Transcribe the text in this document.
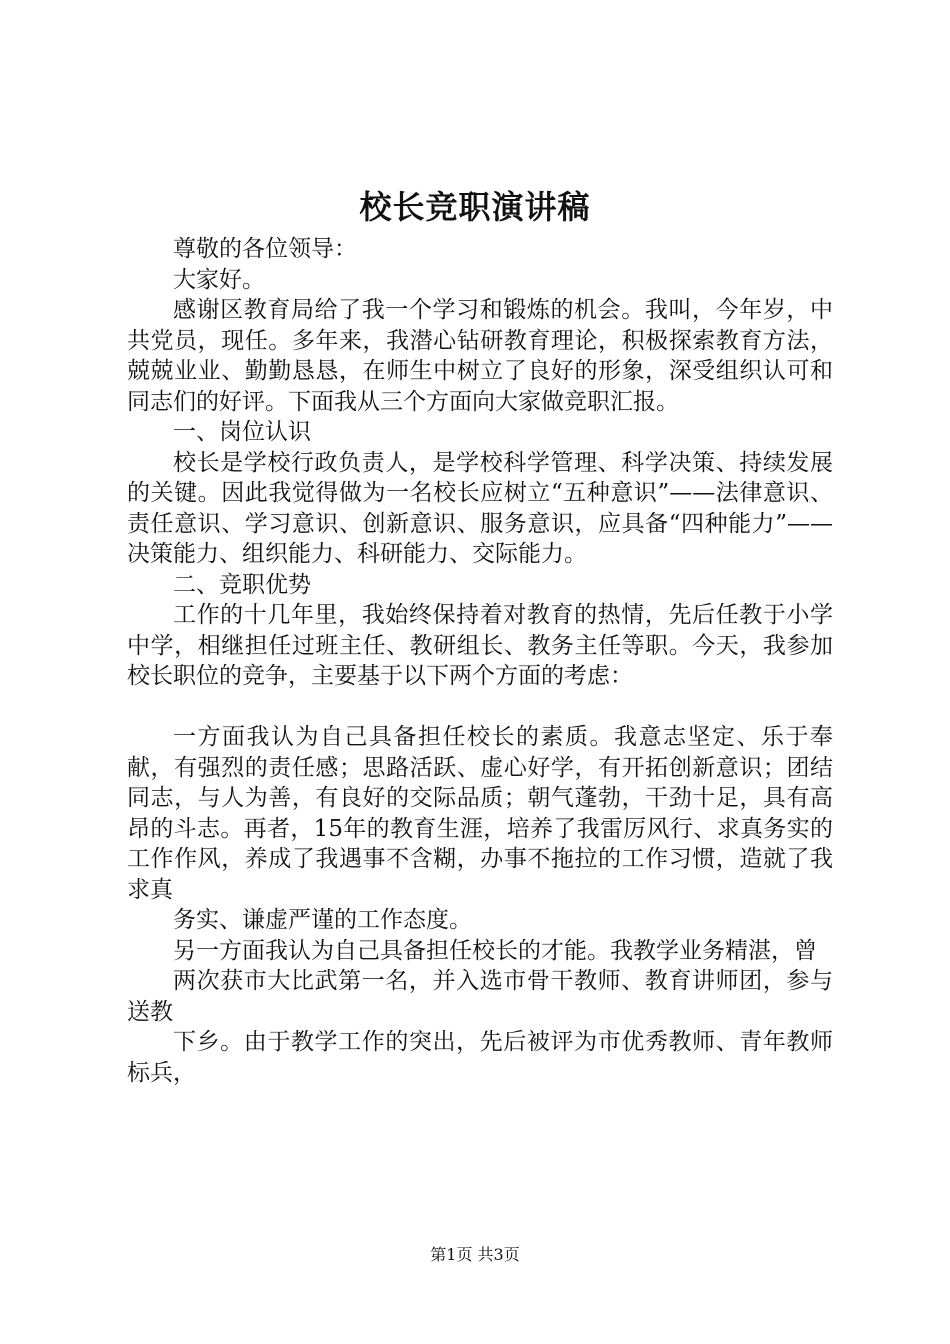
校长竞职演讲稿

尊敬的各位领导：

大家好。

感谢区教育局给了我一个学习和锻炼的机会。我叫，今年岁，中共党员，现任。多年来，我潜心钻研教育理论，积极探索教育方法，兢兢业业、勤勤恳恳，在师生中树立了良好的形象，深受组织认可和同志们的好评。下面我从三个方面向大家做竞职汇报。

一、岗位认识

校长是学校行政负责人，是学校科学管理、科学决策、持续发展的关键。因此我觉得做为一名校长应树立“五种意识”——法律意识、责任意识、学习意识、创新意识、服务意识，应具备“四种能力”——决策能力、组织能力、科研能力、交际能力。

二、竞职优势

工作的十几年里，我始终保持着对教育的热情，先后任教于小学中学，相继担任过班主任、教研组长、教务主任等职。今天，我参加校长职位的竞争，主要基于以下两个方面的考虑：

一方面我认为自己具备担任校长的素质。我意志坚定、乐于奉献，有强烈的责任感；思路活跃、虚心好学，有开拓创新意识；团结同志，与人为善，有良好的交际品质；朝气蓬勃，干劲十足，具有高昂的斗志。再者，15年的教育生涯，培养了我雷厉风行、求真务实的工作作风，养成了我遇事不含糊，办事不拖拉的工作习惯，造就了我求真

务实、谦虚严谨的工作态度。

另一方面我认为自己具备担任校长的才能。我教学业务精湛，曾

两次获市大比武第一名，并入选市骨干教师、教育讲师团，参与送教

下乡。由于教学工作的突出，先后被评为市优秀教师、青年教师标兵，

第1页 共3页
